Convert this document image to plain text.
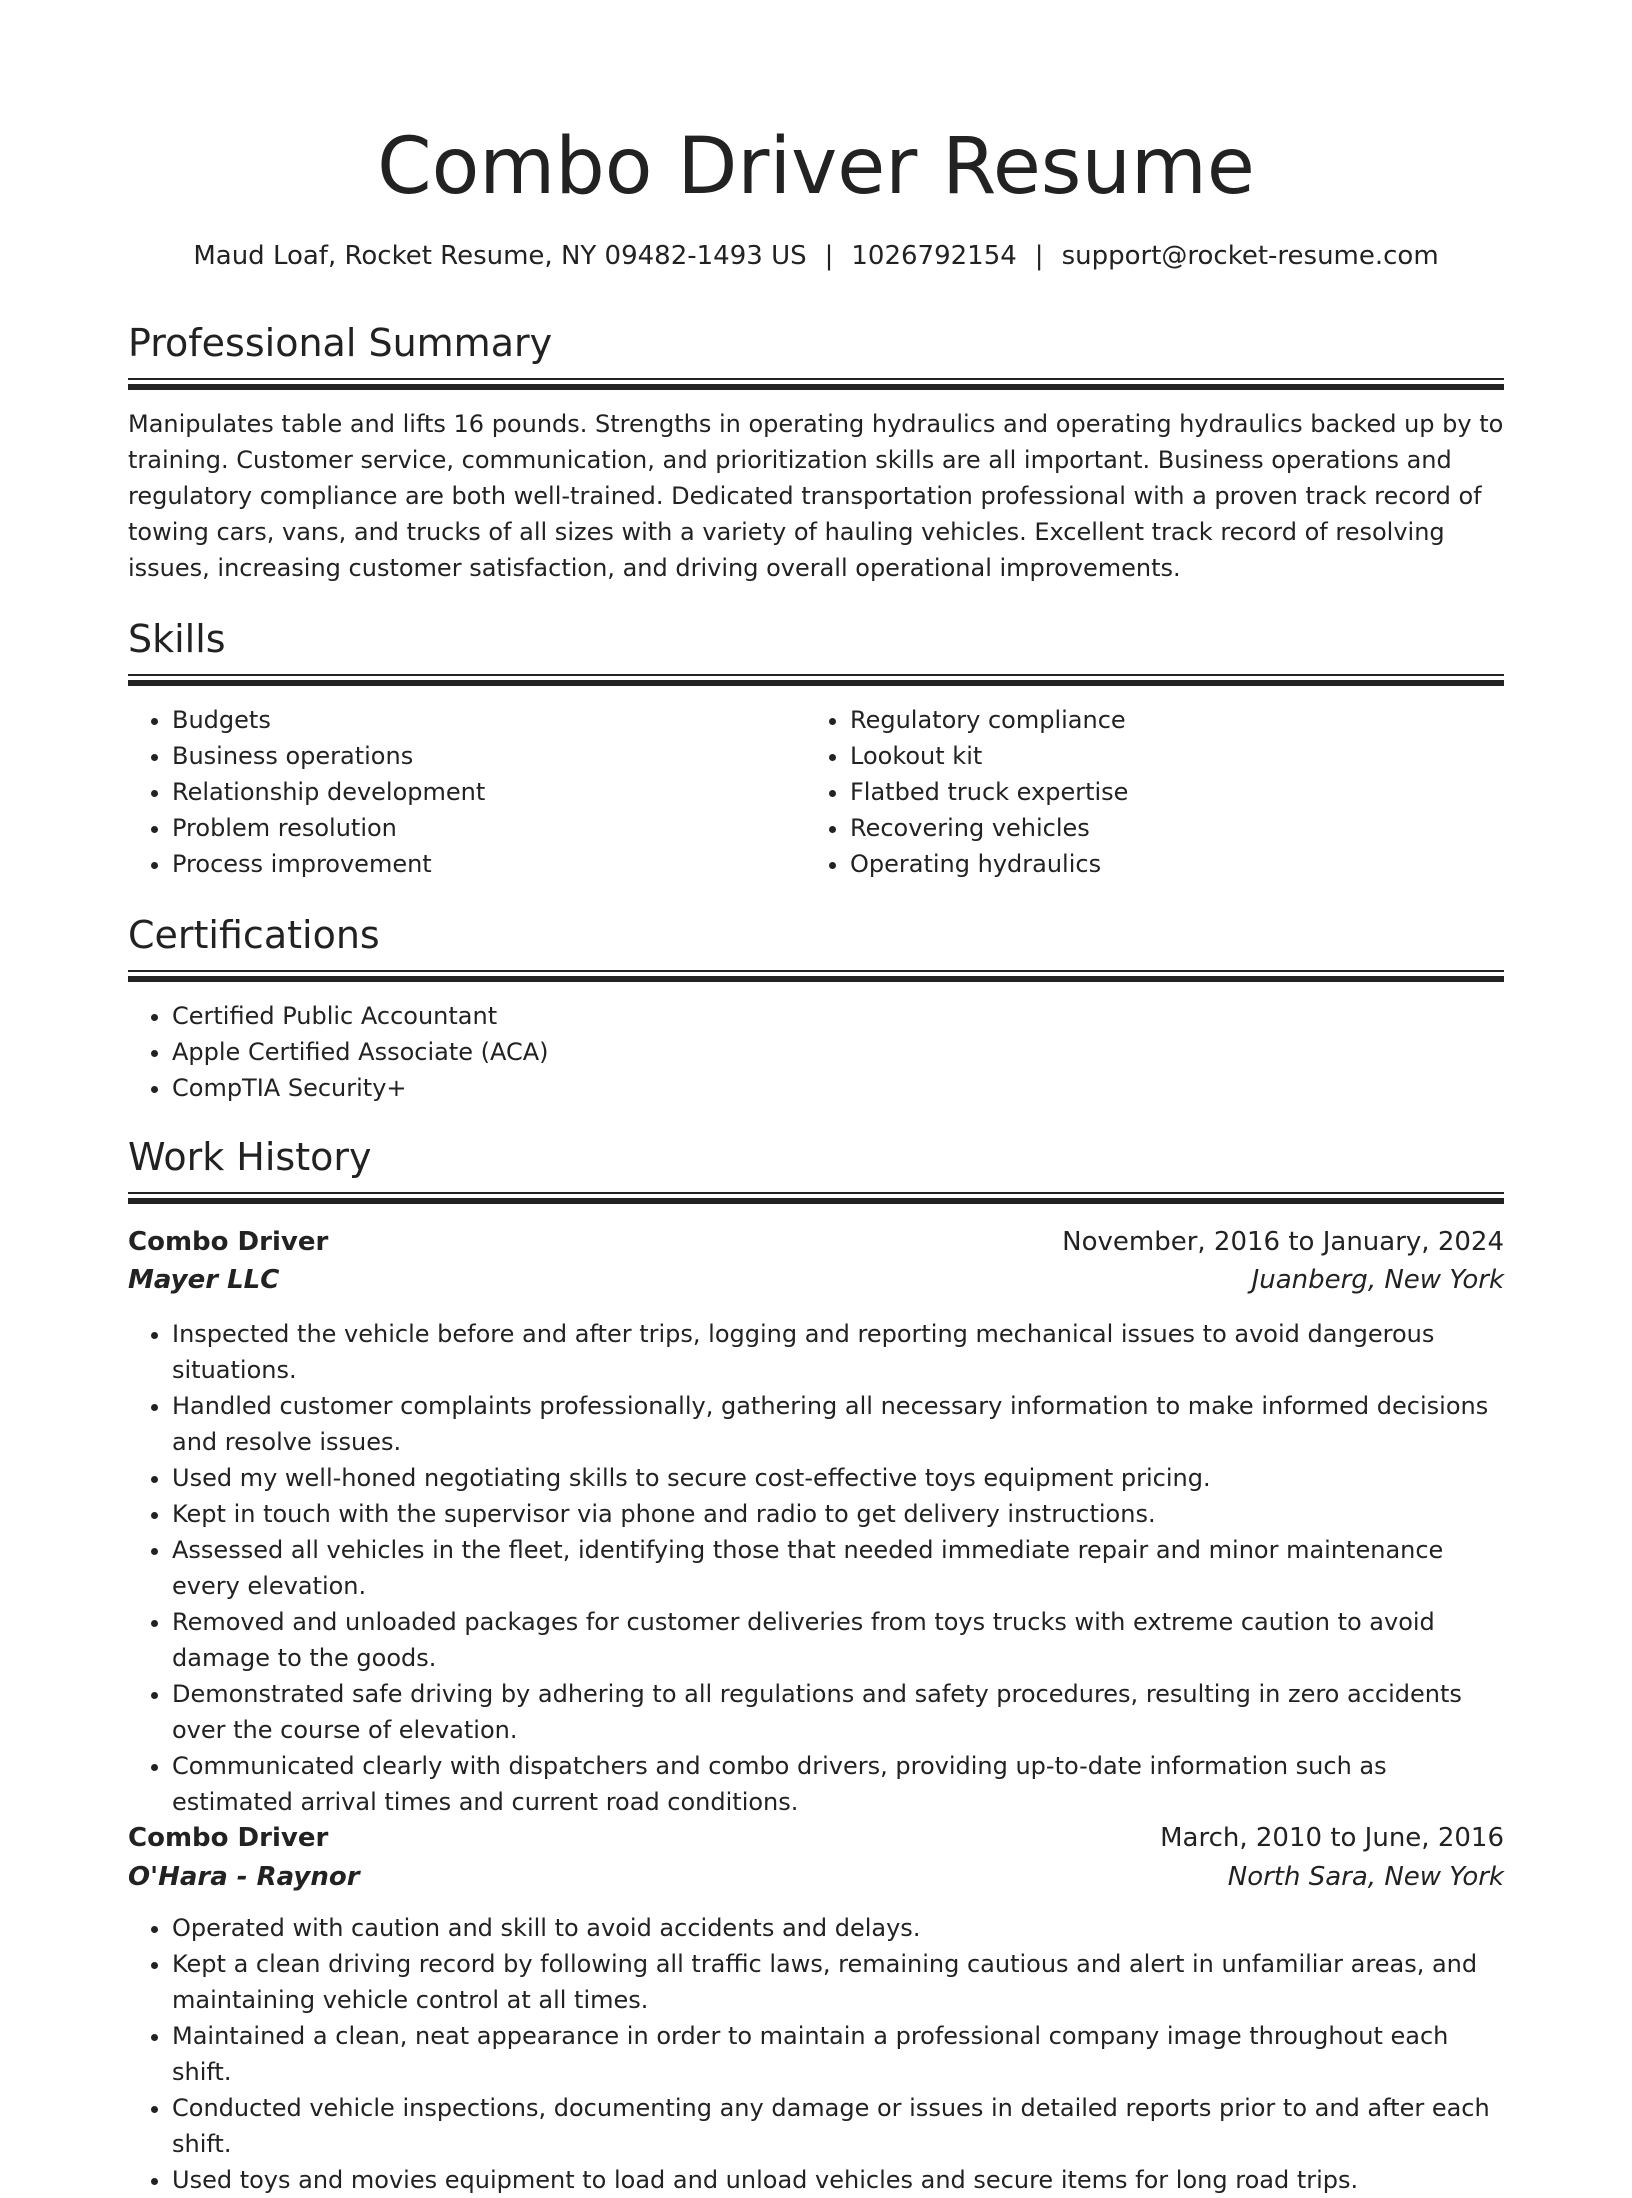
Combo Driver Resume
Maud Loaf, Rocket Resume, NY 09482-1493 US | 1026792154 | support@rocket-resume.com
Professional Summary

Manipulates table and lifts 16 pounds. Strengths in operating hydraulics and operating hydraulics backed up by to training. Customer service, communication, and prioritization skills are all important. Business operations and regulatory compliance are both well-trained. Dedicated transportation professional with a proven track record of towing cars, vans, and trucks of all sizes with a variety of hauling vehicles. Excellent track record of resolving issues, increasing customer satisfaction, and driving overall operational improvements.

Skills
• Budgets
• Business operations
• Relationship development
• Problem resolution
• Process improvement
• Regulatory compliance
• Lookout kit
• Flatbed truck expertise
• Recovering vehicles
• Operating hydraulics
Certifications
• Certified Public Accountant
• Apple Certified Associate (ACA)
• CompTIA Security+
Work History
Combo Driver	November, 2016 to January, 2024
Mayer LLC	Juanberg, New York
• Inspected the vehicle before and after trips, logging and reporting mechanical issues to avoid dangerous situations.
• Handled customer complaints professionally, gathering all necessary information to make informed decisions and resolve issues.
• Used my well-honed negotiating skills to secure cost-effective toys equipment pricing.
• Kept in touch with the supervisor via phone and radio to get delivery instructions.
• Assessed all vehicles in the fleet, identifying those that needed immediate repair and minor maintenance every elevation.
• Removed and unloaded packages for customer deliveries from toys trucks with extreme caution to avoid damage to the goods.
• Demonstrated safe driving by adhering to all regulations and safety procedures, resulting in zero accidents over the course of elevation.
• Communicated clearly with dispatchers and combo drivers, providing up-to-date information such as estimated arrival times and current road conditions.
Combo Driver	March, 2010 to June, 2016
O'Hara - Raynor	North Sara, New York
• Operated with caution and skill to avoid accidents and delays.
• Kept a clean driving record by following all traffic laws, remaining cautious and alert in unfamiliar areas, and maintaining vehicle control at all times.
• Maintained a clean, neat appearance in order to maintain a professional company image throughout each shift.
• Conducted vehicle inspections, documenting any damage or issues in detailed reports prior to and after each shift.
• Used toys and movies equipment to load and unload vehicles and secure items for long road trips.
